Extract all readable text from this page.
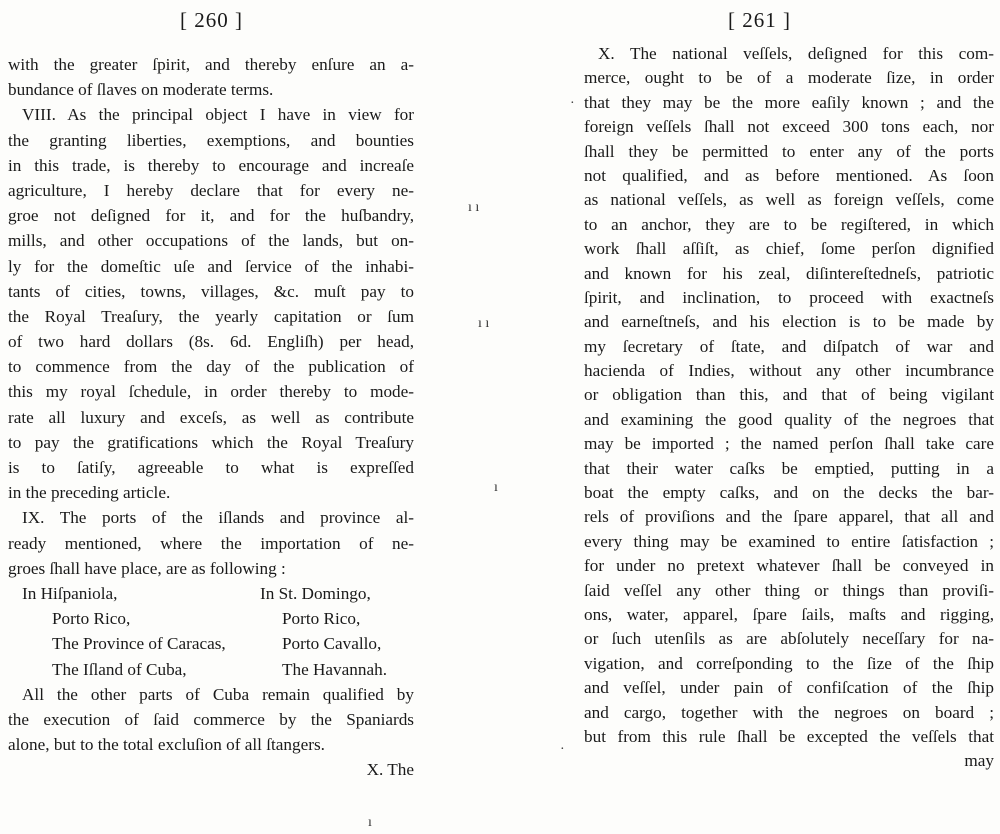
[ 260 ]
with the greater ſpirit, and thereby enſure an a-
bundance of ſlaves on moderate terms.
VIII. As the principal object I have in view for
the granting liberties, exemptions, and bounties
in this trade, is thereby to encourage and increaſe
agriculture, I hereby declare that for every ne-
groe not deſigned for it, and for the huſbandry,
mills, and other occupations of the lands, but on-
ly for the domeſtic uſe and ſervice of the inhabi-
tants of cities, towns, villages, &c. muſt pay to
the Royal Treaſury, the yearly capitation or ſum
of two hard dollars (8s. 6d. Engliſh) per head,
to commence from the day of the publication of
this my royal ſchedule, in order thereby to mode-
rate all luxury and exceſs, as well as contribute
to pay the gratifications which the Royal Treaſury
is to ſatiſy, agreeable to what is expreſſed
in the preceding article.
IX. The ports of the iſlands and province al-
ready mentioned, where the importation of ne-
groes ſhall have place, are as following :
In Hiſpaniola,	In St. Domingo,
Porto Rico,	Porto Rico,
The Province of Caracas,	Porto Cavallo,
The Iſland of Cuba,	The Havannah.
All the other parts of Cuba remain qualified by
the execution of ſaid commerce by the Spaniards
alone, but to the total excluſion of all ſtangers.
X. The
ı ı
ı ı
ı
·
·
ı
[ 261 ]
X. The national veſſels, deſigned for this com-
merce, ought to be of a moderate ſize, in order
that they may be the more eaſily known ; and the
foreign veſſels ſhall not exceed 300 tons each, nor
ſhall they be permitted to enter any of the ports
not qualified, and as before mentioned. As ſoon
as national veſſels, as well as foreign veſſels, come
to an anchor, they are to be regiſtered, in which
work ſhall aſſiſt, as chief, ſome perſon dignified
and known for his zeal, diſintereſtedneſs, patriotic
ſpirit, and inclination, to proceed with exactneſs
and earneſtneſs, and his election is to be made by
my ſecretary of ſtate, and diſpatch of war and
hacienda of Indies, without any other incumbrance
or obligation than this, and that of being vigilant
and examining the good quality of the negroes that
may be imported ; the named perſon ſhall take care
that their water caſks be emptied, putting in a
boat the empty caſks, and on the decks the bar-
rels of proviſions and the ſpare apparel, that all and
every thing may be examined to entire ſatisfaction ;
for under no pretext whatever ſhall be conveyed in
ſaid veſſel any other thing or things than proviſi-
ons, water, apparel, ſpare ſails, maſts and rigging,
or ſuch utenſils as are abſolutely neceſſary for na-
vigation, and correſponding to the ſize of the ſhip
and veſſel, under pain of confiſcation of the ſhip
and cargo, together with the negroes on board ;
but from this rule ſhall be excepted the veſſels that
may
